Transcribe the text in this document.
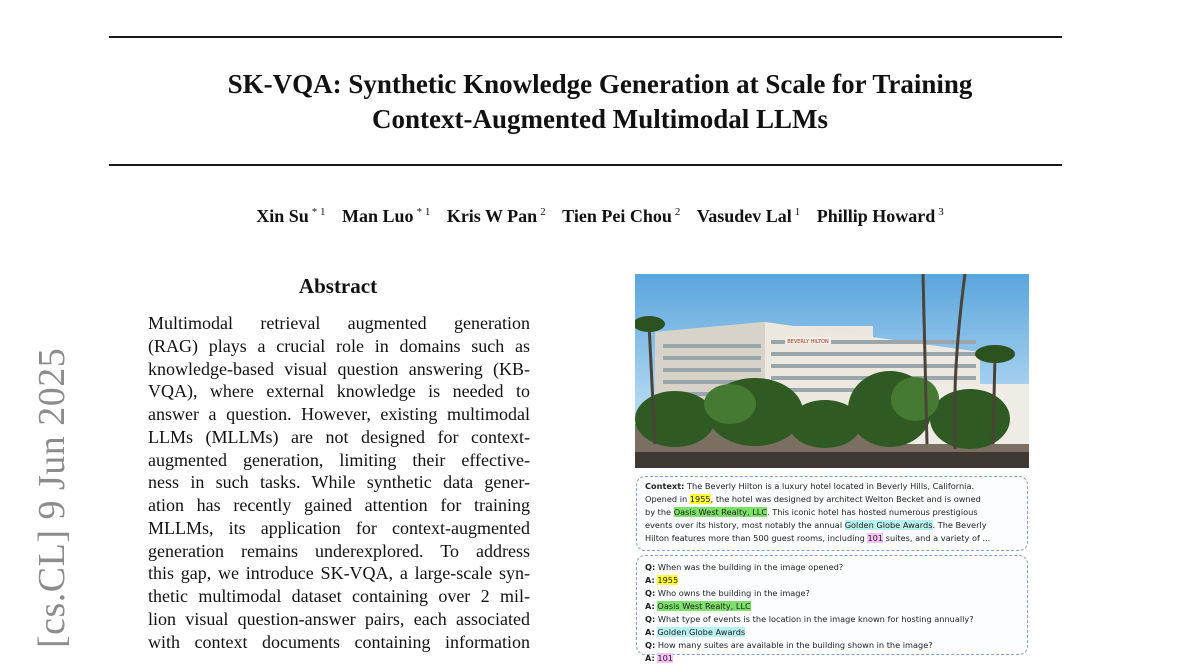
SK-VQA: Synthetic Knowledge Generation at Scale for Training
Context-Augmented Multimodal LLMs
Xin Su $^{* 1}$ Man Luo $^{* 1}$ Kris W Pan $^2$ Tien Pei Chou $^2$ Vasudev Lal $^1$ Phillip Howard $^3$
[cs.CL] 9 Jun 2025
Abstract
Multimodal retrieval augmented generation
(RAG) plays a crucial role in domains such as
knowledge-based visual question answering (KB-
VQA), where external knowledge is needed to
answer a question. However, existing multimodal
LLMs (MLLMs) are not designed for context-
augmented generation, limiting their effective-
ness in such tasks. While synthetic data gener-
ation has recently gained attention for training
MLLMs, its application for context-augmented
generation remains underexplored. To address
this gap, we introduce SK-VQA, a large-scale syn-
thetic multimodal dataset containing over 2 mil-
lion visual question-answer pairs, each associated
with context documents containing information
BEVERLY HILTON
Context: The Beverly Hilton is a luxury hotel located in Beverly Hills, California.
Opened in 1955, the hotel was designed by architect Welton Becket and is owned
by the Oasis West Realty, LLC. This iconic hotel has hosted numerous prestigious
events over its history, most notably the annual Golden Globe Awards. The Beverly
Hilton features more than 500 guest rooms, including 101 suites, and a variety of ...
Q: When was the building in the image opened?
A: 1955
Q: Who owns the building in the image?
A: Oasis West Realty, LLC
Q: What type of events is the location in the image known for hosting annually?
A: Golden Globe Awards
Q: How many suites are available in the building shown in the image?
A: 101
